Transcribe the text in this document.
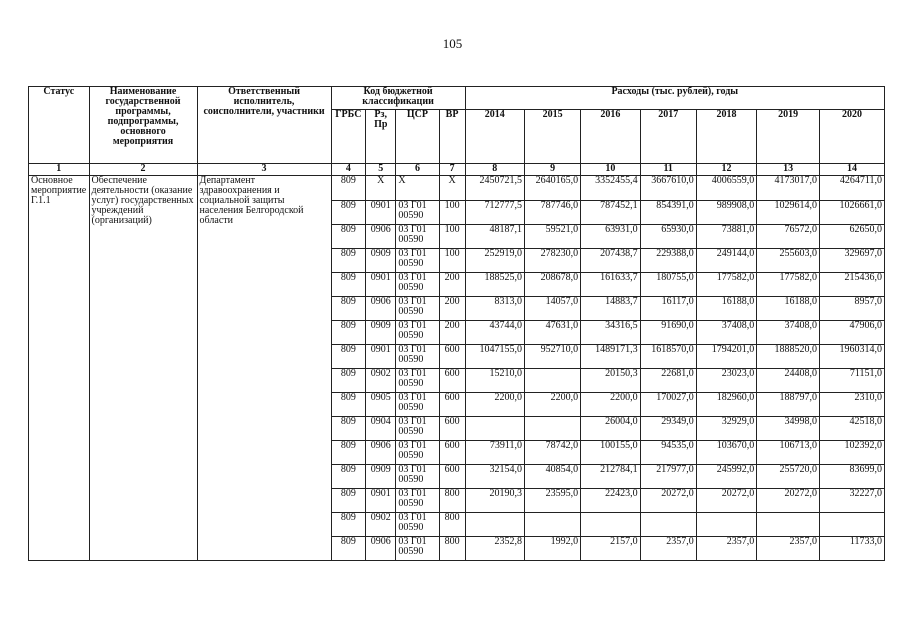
105
Статус	Наименование государственной программы, подпрограммы, основного мероприятия	Ответственный исполнитель, соисполнители, участники	Код бюджетной классификации				Расходы (тыс. рублей), годы						
			ГРБС	Рз, Пр	ЦСР	ВР	2014	2015	2016	2017	2018	2019	2020
1	2	3	4	5	6	7	8	9	10	11	12	13	14
Основное мероприятие Г.1.1	Обеспечение деятельности (оказание услуг) государственных учреждений (организаций)	Департамент здравоохранения и социальной защиты населения Белгородской области	809	Х	Х	Х	2450721,5	2640165,0	3352455,4	3667610,0	4006559,0	4173017,0	4264711,0
			809	0901	03 Г01 00590	100	712777,5	787746,0	787452,1	854391,0	989908,0	1029614,0	1026661,0
			809	0906	03 Г01 00590	100	48187,1	59521,0	63931,0	65930,0	73881,0	76572,0	62650,0
			809	0909	03 Г01 00590	100	252919,0	278230,0	207438,7	229388,0	249144,0	255603,0	329697,0
			809	0901	03 Г01 00590	200	188525,0	208678,0	161633,7	180755,0	177582,0	177582,0	215436,0
			809	0906	03 Г01 00590	200	8313,0	14057,0	14883,7	16117,0	16188,0	16188,0	8957,0
			809	0909	03 Г01 00590	200	43744,0	47631,0	34316,5	91690,0	37408,0	37408,0	47906,0
			809	0901	03 Г01 00590	600	1047155,0	952710,0	1489171,3	1618570,0	1794201,0	1888520,0	1960314,0
			809	0902	03 Г01 00590	600	15210,0		20150,3	22681,0	23023,0	24408,0	71151,0
			809	0905	03 Г01 00590	600	2200,0	2200,0	2200,0	170027,0	182960,0	188797,0	2310,0
			809	0904	03 Г01 00590	600			26004,0	29349,0	32929,0	34998,0	42518,0
			809	0906	03 Г01 00590	600	73911,0	78742,0	100155,0	94535,0	103670,0	106713,0	102392,0
			809	0909	03 Г01 00590	600	32154,0	40854,0	212784,1	217977,0	245992,0	255720,0	83699,0
			809	0901	03 Г01 00590	800	20190,3	23595,0	22423,0	20272,0	20272,0	20272,0	32227,0
			809	0902	03 Г01 00590	800							
			809	0906	03 Г01 00590	800	2352,8	1992,0	2157,0	2357,0	2357,0	2357,0	11733,0
